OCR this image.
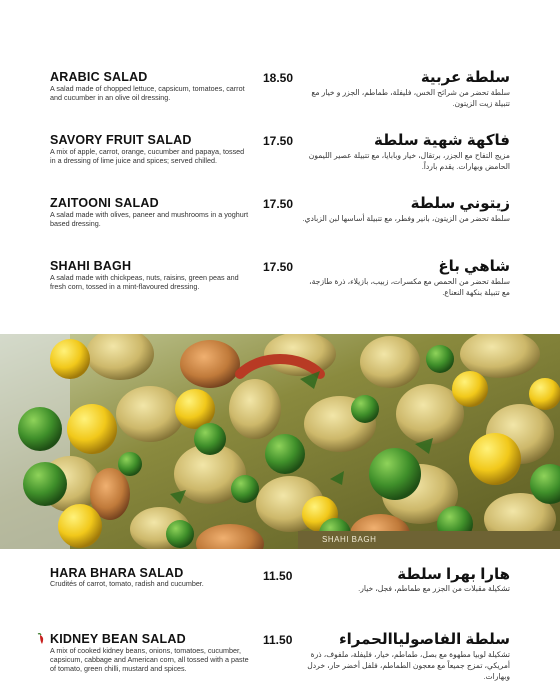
ARABIC SALAD
A salad made of chopped lettuce, capsicum, tomatoes, carrot and cucumber in an olive oil dressing.
18.50	سلطة عربية
سلطة تحضر من شرائح الخس، فليفلة، طماطم، الجزر و خيار مع تتبيلة زيت الزيتون.
SAVORY FRUIT SALAD
A mix of apple, carrot, orange, cucumber and papaya, tossed in a dressing of lime juice and spices; served chilled.
17.50	فاكهة شهية سلطة
مزيج التفاح مع الجزر، برتقال، خيار وبابايا، مع تتبيلة عصير الليمون الحامض وبهارات. يقدم بارداً.
ZAITOONI SALAD
A salad made with olives, paneer and mushrooms in a yoghurt based dressing.
17.50	زيتوني سلطة
سلطة تحضر من الزيتون، بانير وفطر، مع تتبيلة أساسها لبن الزبادي.
SHAHI BAGH
A salad made with chickpeas, nuts, raisins, green peas and fresh corn, tossed in a mint-flavoured dressing.
17.50	شاهي باغ
سلطة تحضر من الحمص مع مكسرات، زبيب، بازيلاء، ذرة طازجة، مع تتبيلة بنكهة النعناع.
SHAHI BAGH
HARA BHARA SALAD
Crudités of carrot, tomato, radish and cucumber.
11.50	هارا بهرا سلطة
تشكيلة مقبلات من الجزر مع طماطم، فجل، خيار.
KIDNEY BEAN SALAD
A mix of cooked kidney beans, onions, tomatoes, cucumber, capsicum, cabbage and American corn, all tossed with a paste of tomato, green chilli, mustard and spices.
11.50	سلطة الفاصولياالحمراء
تشكيلة لوبيا مطهوة مع بصل، طماطم، خيار، فليفلة، ملفوف، ذرة أمريكي، تمزج جميعاً مع معجون الطماطم، فلفل أخضر حار، خردل وبهارات.
